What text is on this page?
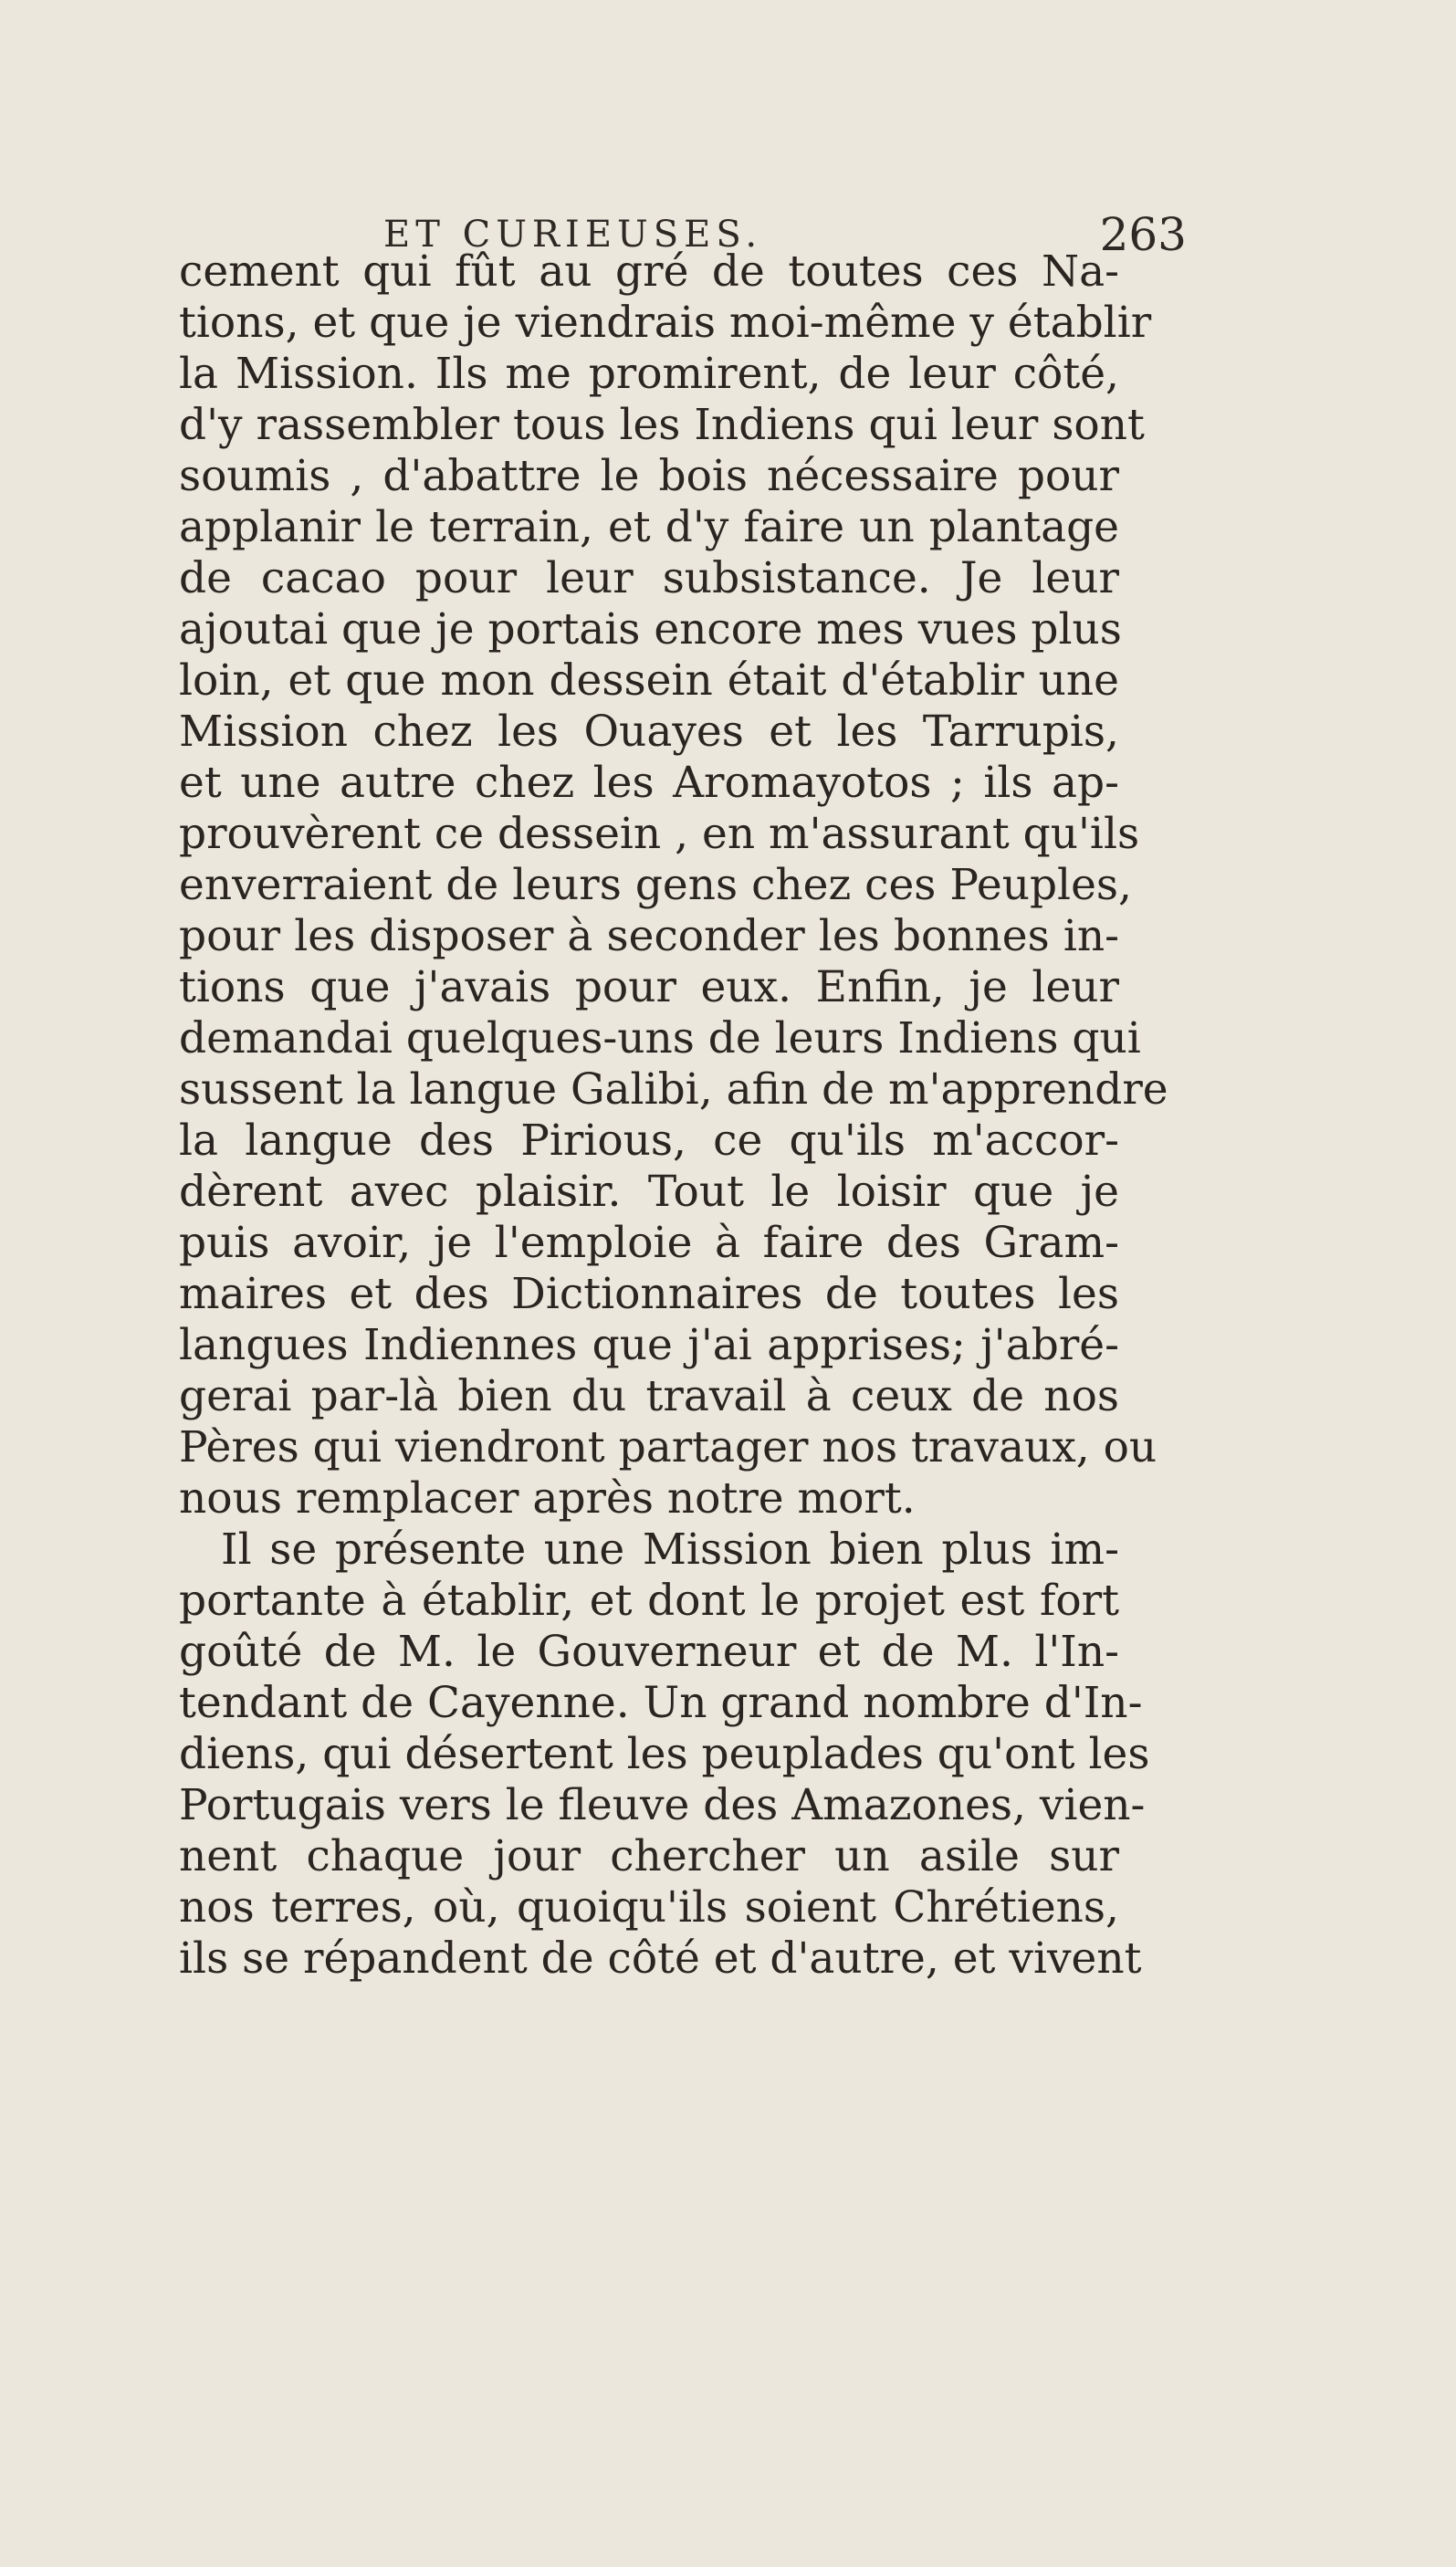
ET CURIEUSES.	263
cement qui fût au gré de toutes ces Na-
tions, et que je viendrais moi-même y établir
la Mission. Ils me promirent, de leur côté,
d'y rassembler tous les Indiens qui leur sont
soumis , d'abattre le bois nécessaire pour
applanir le terrain, et d'y faire un plantage
de cacao pour leur subsistance. Je leur
ajoutai que je portais encore mes vues plus
loin, et que mon dessein était d'établir une
Mission chez les Ouayes et les Tarrupis,
et une autre chez les Aromayotos ; ils ap-
prouvèrent ce dessein , en m'assurant qu'ils
enverraient de leurs gens chez ces Peuples,
pour les disposer à seconder les bonnes in-
tions que j'avais pour eux. Enfin, je leur
demandai quelques-uns de leurs Indiens qui
sussent la langue Galibi, afin de m'apprendre
la langue des Pirious, ce qu'ils m'accor-
dèrent avec plaisir. Tout le loisir que je
puis avoir, je l'emploie à faire des Gram-
maires et des Dictionnaires de toutes les
langues Indiennes que j'ai apprises; j'abré-
gerai par-là bien du travail à ceux de nos
Pères qui viendront partager nos travaux, ou
nous remplacer après notre mort.
Il se présente une Mission bien plus im-
portante à établir, et dont le projet est fort
goûté de M. le Gouverneur et de M. l'In-
tendant de Cayenne. Un grand nombre d'In-
diens, qui désertent les peuplades qu'ont les
Portugais vers le fleuve des Amazones, vien-
nent chaque jour chercher un asile sur
nos terres, où, quoiqu'ils soient Chrétiens,
ils se répandent de côté et d'autre, et vivent
